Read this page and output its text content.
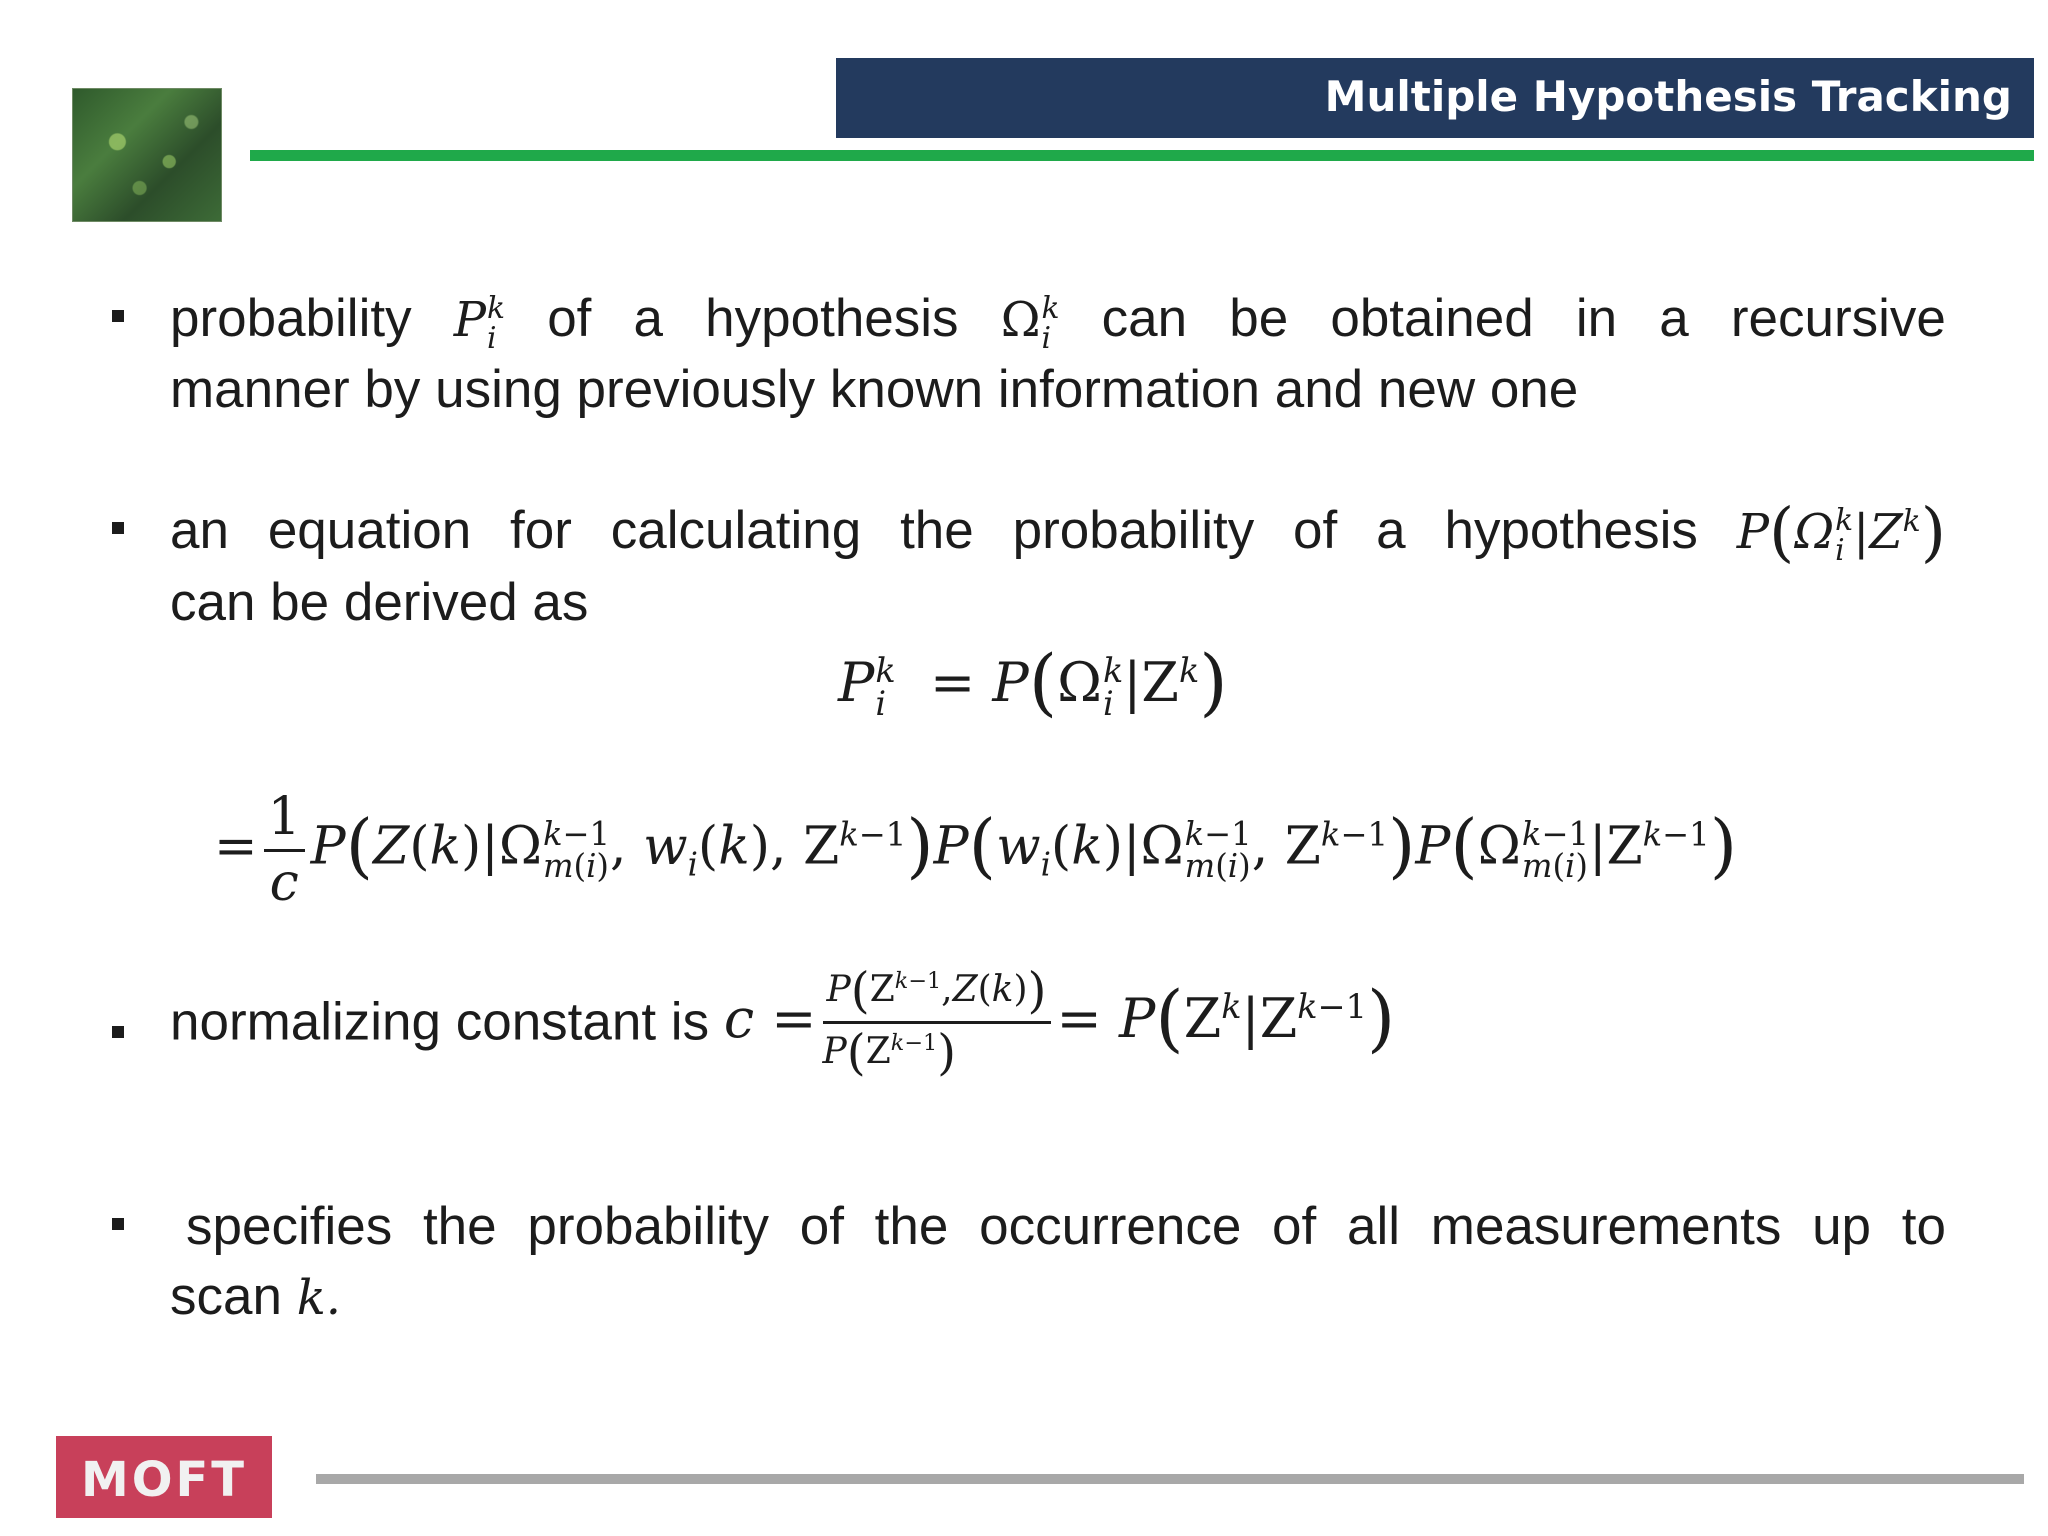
Multiple Hypothesis Tracking
probability P k
i of a hypothesis Ω k
i can be obtained in a recursive
manner by using previously known information and new one
an equation for calculating the probability of a hypothesis P(Ω k
i $|Z^k$)
can be derived as
P k
i = P(Ω k
i $|Z^k$)
= $\frac{1}{c} P(Z(k)|\Omega$ k−1
m(i) , $w_i(k)$, $Z^{k-1})P(w_i(k)|\Omega$ k−1
m(i) , $Z^{k-1})P(\Omega$ k−1
m(i) $|Z^{k-1}$)
normalizing constant is $c = \frac{P(Z^{k-1},Z(k))}{P(Z^{k-1})} = P(Z^k|Z^{k-1})$
specifies the probability of the occurrence of all measurements up to
scan k.
MOFT
